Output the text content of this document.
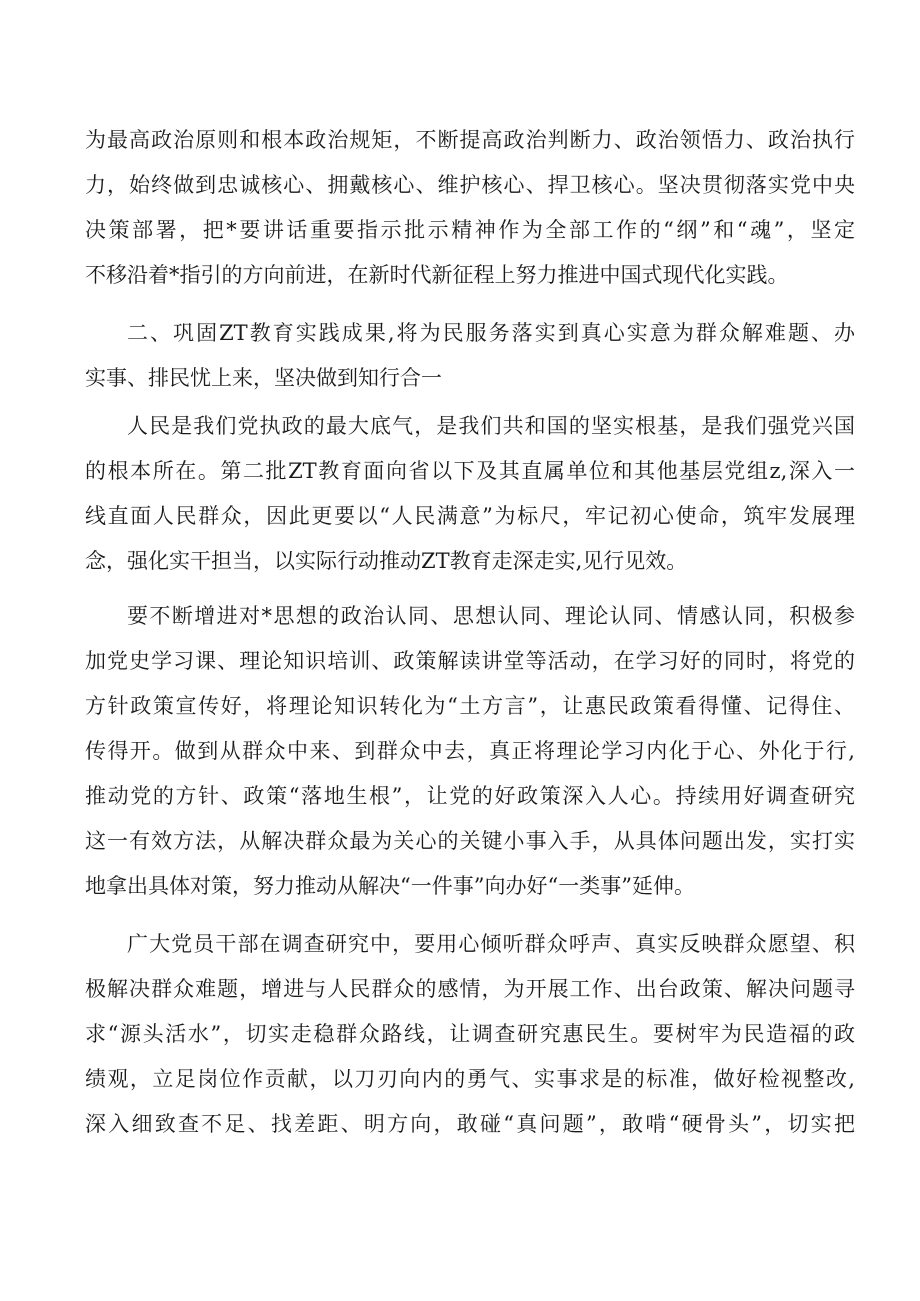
为最高政治原则和根本政治规矩，不断提高政治判断力、政治领悟力、政治执行
力，始终做到忠诚核心、拥戴核心、维护核心、捍卫核心。坚决贯彻落实党中央
决策部署，把*要讲话重要指示批示精神作为全部工作的“纲”和“魂”，坚定
不移沿着*指引的方向前进，在新时代新征程上努力推进中国式现代化实践。
二、巩固ZT教育实践成果,将为民服务落实到真心实意为群众解难题、办
实事、排民忧上来，坚决做到知行合一
人民是我们党执政的最大底气，是我们共和国的坚实根基，是我们强党兴国
的根本所在。第二批ZT教育面向省以下及其直属单位和其他基层党组z,深入一
线直面人民群众，因此更要以“人民满意”为标尺，牢记初心使命，筑牢发展理
念，强化实干担当，以实际行动推动ZT教育走深走实,见行见效。
要不断增进对*思想的政治认同、思想认同、理论认同、情感认同，积极参
加党史学习课、理论知识培训、政策解读讲堂等活动，在学习好的同时，将党的
方针政策宣传好，将理论知识转化为“土方言”，让惠民政策看得懂、记得住、
传得开。做到从群众中来、到群众中去，真正将理论学习内化于心、外化于行,
推动党的方针、政策“落地生根”，让党的好政策深入人心。持续用好调查研究
这一有效方法，从解决群众最为关心的关键小事入手，从具体问题出发，实打实
地拿出具体对策，努力推动从解决“一件事”向办好“一类事”延伸。
广大党员干部在调查研究中，要用心倾听群众呼声、真实反映群众愿望、积
极解决群众难题，增进与人民群众的感情，为开展工作、出台政策、解决问题寻
求“源头活水”，切实走稳群众路线，让调查研究惠民生。要树牢为民造福的政
绩观，立足岗位作贡献，以刀刃向内的勇气、实事求是的标准，做好检视整改,
深入细致查不足、找差距、明方向，敢碰“真问题”，敢啃“硬骨头”，切实把
